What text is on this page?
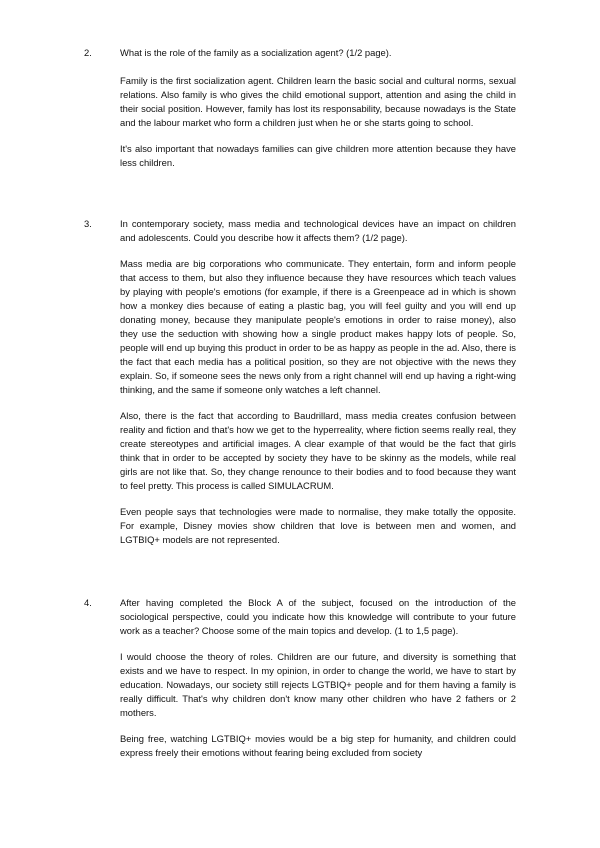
2.	What is the role of the family as a socialization agent? (1/2 page).

Family is the first socialization agent. Children learn the basic social and cultural norms, sexual relations. Also family is who gives the child emotional support, attention and asing the child in their social position. However, family has lost its responsability, because nowadays is the State and the labour market who form a children just when he or she starts going to school.

It's also important that nowadays families can give children more attention because they have less children.

3.	In contemporary society, mass media and technological devices have an impact on children and adolescents. Could you describe how it affects them? (1/2 page).

Mass media are big corporations who communicate. They entertain, form and inform people that access to them, but also they influence because they have resources which teach values by playing with people's emotions (for example, if there is a Greenpeace ad in which is shown how a monkey dies because of eating a plastic bag, you will feel guilty and you will end up donating money, because they manipulate people's emotions in order to raise money), also they use the seduction with showing how a single product makes happy lots of people. So, people will end up buying this product in order to be as happy as people in the ad. Also, there is the fact that each media has a political position, so they are not objective with the news they explain. So, if someone sees the news only from a right channel will end up having a right-wing thinking, and the same if someone only watches a left channel.

Also, there is the fact that according to Baudrillard, mass media creates confusion between reality and fiction and that's how we get to the hyperreality, where fiction seems really real, they create stereotypes and artificial images. A clear example of that would be the fact that girls think that in order to be accepted by society they have to be skinny as the models, while real girls are not like that. So, they change renounce to their bodies and to food because they want to feel pretty. This process is called SIMULACRUM.

Even people says that technologies were made to normalise, they make totally the opposite. For example, Disney movies show children that love is between men and women, and LGTBIQ+ models are not represented.

4.	After having completed the Block A of the subject, focused on the introduction of the sociological perspective, could you indicate how this knowledge will contribute to your future work as a teacher? Choose some of the main topics and develop. (1 to 1,5 page).

I would choose the theory of roles. Children are our future, and diversity is something that exists and we have to respect. In my opinion, in order to change the world, we have to start by education. Nowadays, our society still rejects LGTBIQ+ people and for them having a family is really difficult. That's why children don't know many other children who have 2 fathers or 2 mothers.

Being free, watching LGTBIQ+ movies would be a big step for humanity, and children could express freely their emotions without fearing being excluded from society
